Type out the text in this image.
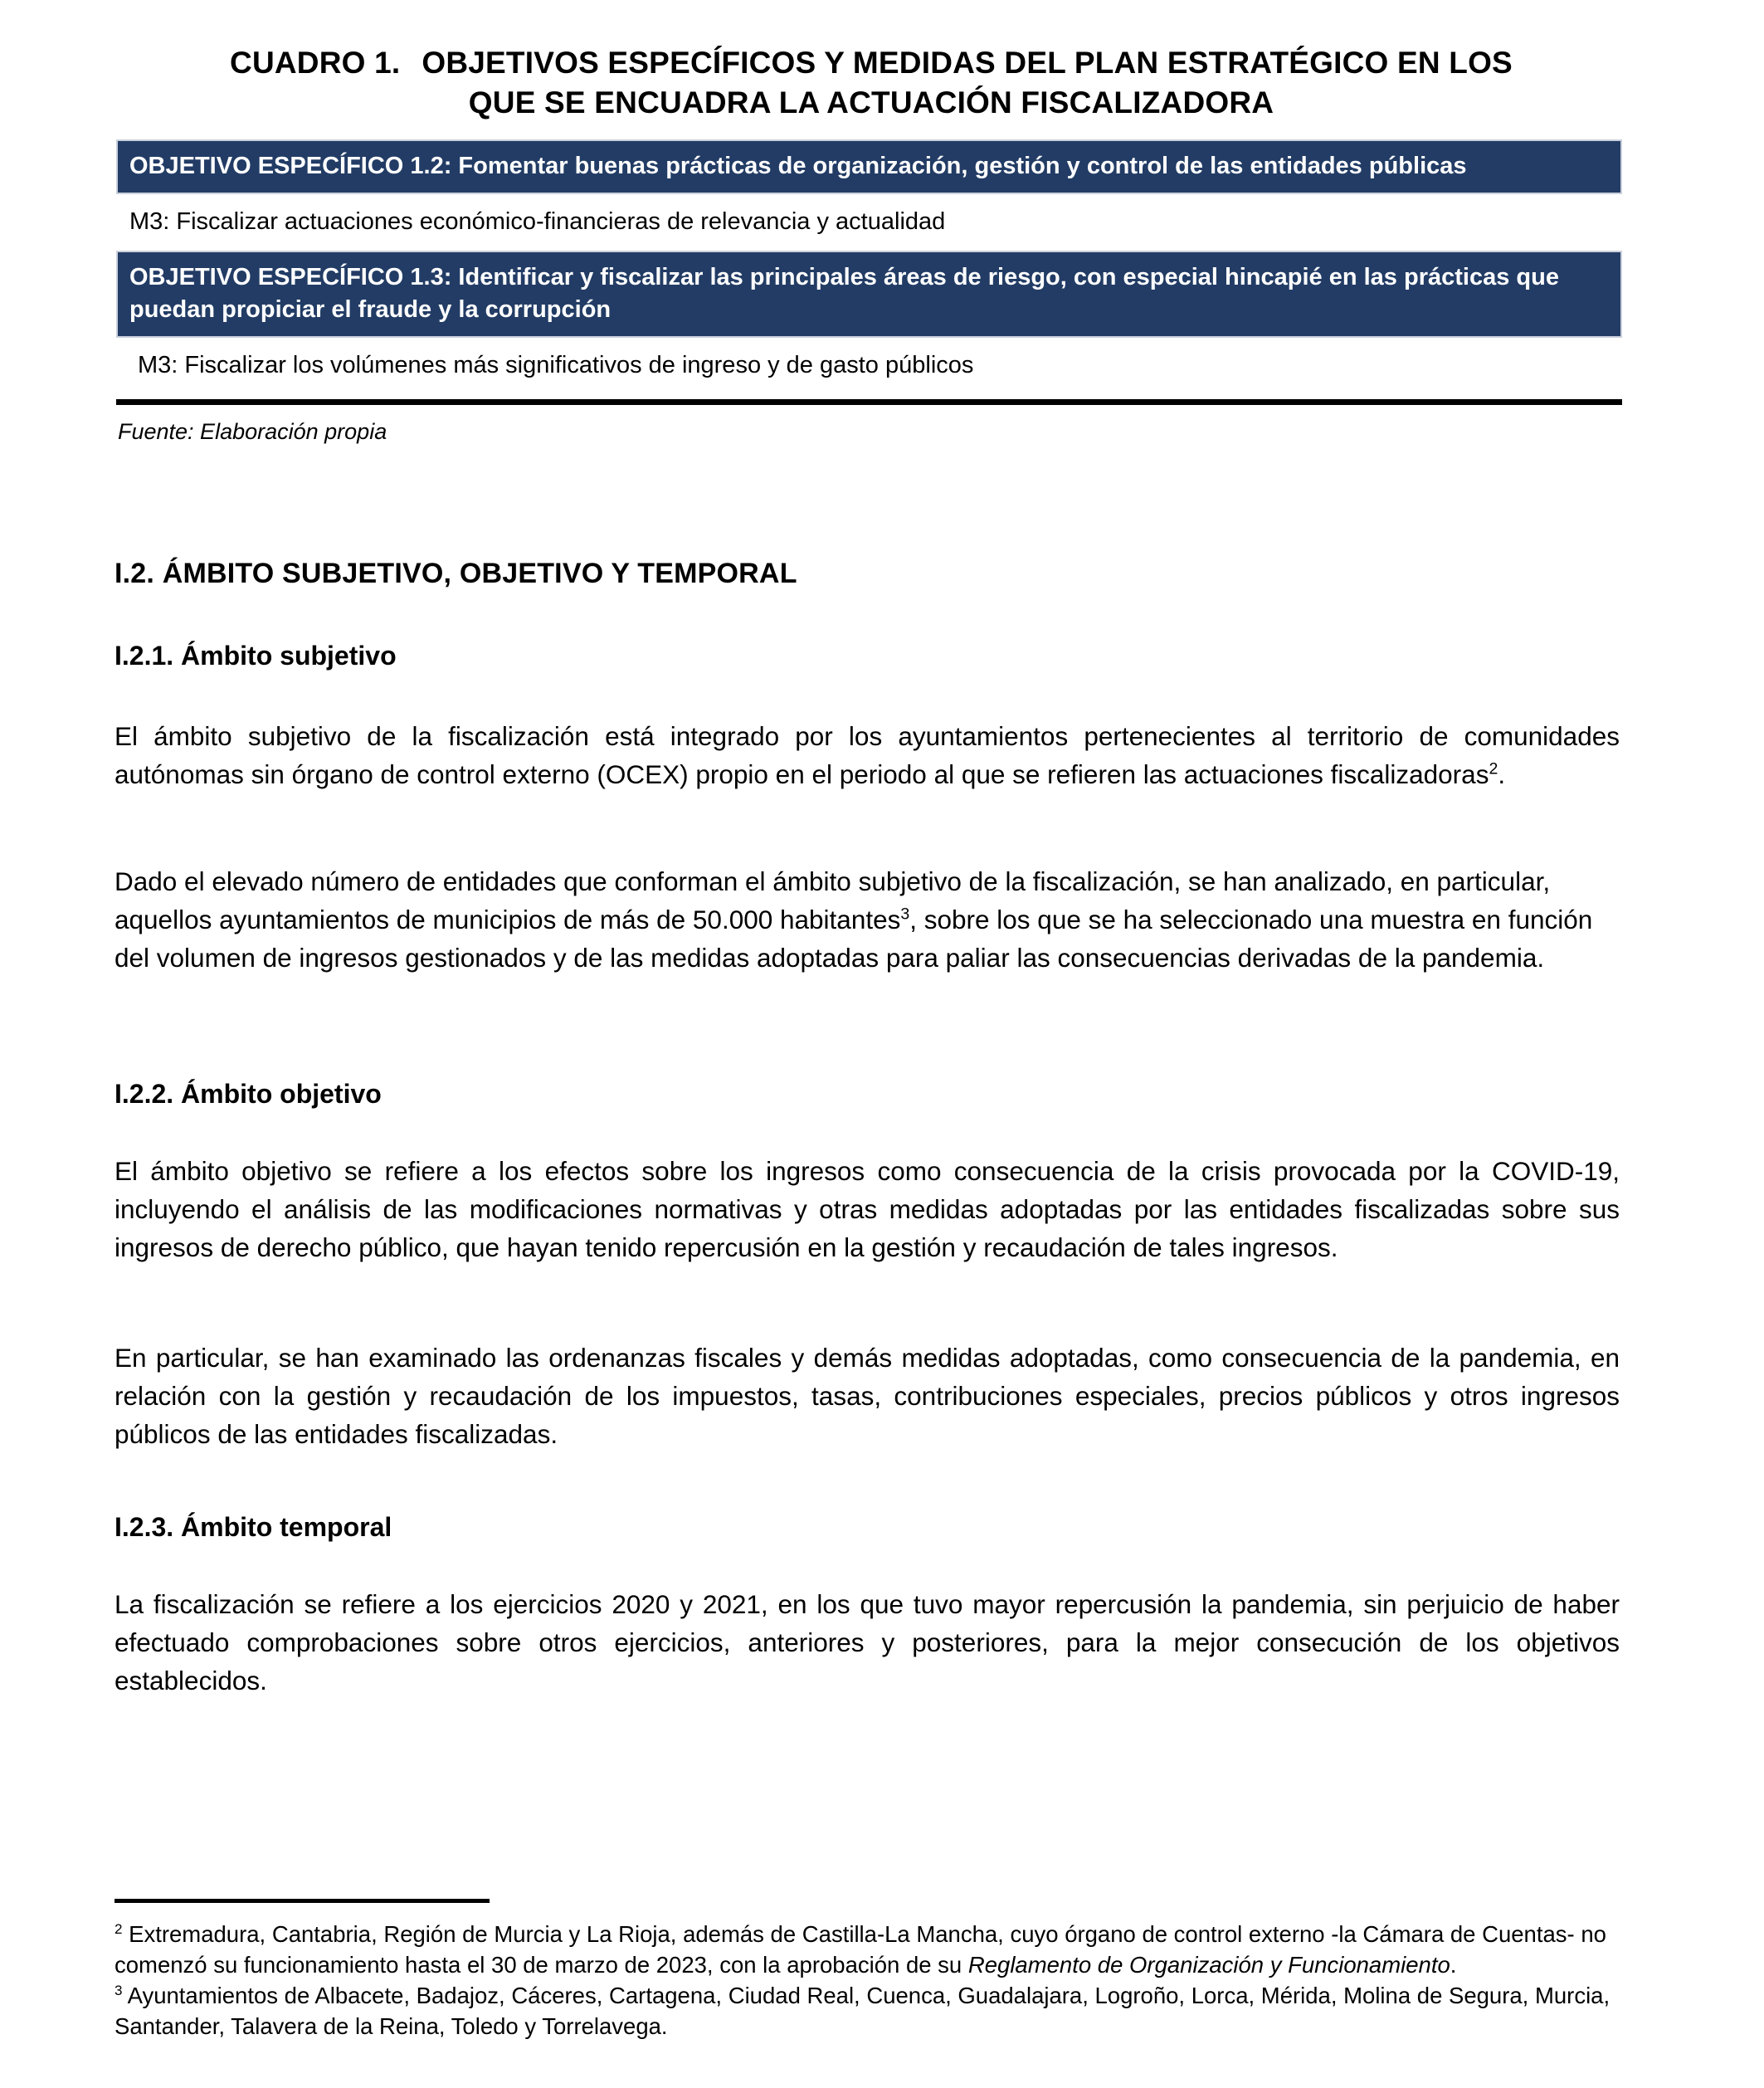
CUADRO 1. OBJETIVOS ESPECÍFICOS Y MEDIDAS DEL PLAN ESTRATÉGICO EN LOS
QUE SE ENCUADRA LA ACTUACIÓN FISCALIZADORA
OBJETIVO ESPECÍFICO 1.2: Fomentar buenas prácticas de organización, gestión y control de las entidades públicas
M3: Fiscalizar actuaciones económico-financieras de relevancia y actualidad
OBJETIVO ESPECÍFICO 1.3: Identificar y fiscalizar las principales áreas de riesgo, con especial hincapié en las prácticas que puedan propiciar el fraude y la corrupción
M3: Fiscalizar los volúmenes más significativos de ingreso y de gasto públicos
Fuente: Elaboración propia
I.2. ÁMBITO SUBJETIVO, OBJETIVO Y TEMPORAL
I.2.1. Ámbito subjetivo
El ámbito subjetivo de la fiscalización está integrado por los ayuntamientos pertenecientes al territorio de comunidades autónomas sin órgano de control externo (OCEX) propio en el periodo al que se refieren las actuaciones fiscalizadoras$^2$.
Dado el elevado número de entidades que conforman el ámbito subjetivo de la fiscalización, se han analizado, en particular, aquellos ayuntamientos de municipios de más de 50.000 habitantes$^3$, sobre los que se ha seleccionado una muestra en función del volumen de ingresos gestionados y de las medidas adoptadas para paliar las consecuencias derivadas de la pandemia.
I.2.2. Ámbito objetivo
El ámbito objetivo se refiere a los efectos sobre los ingresos como consecuencia de la crisis provocada por la COVID-19, incluyendo el análisis de las modificaciones normativas y otras medidas adoptadas por las entidades fiscalizadas sobre sus ingresos de derecho público, que hayan tenido repercusión en la gestión y recaudación de tales ingresos.
En particular, se han examinado las ordenanzas fiscales y demás medidas adoptadas, como consecuencia de la pandemia, en relación con la gestión y recaudación de los impuestos, tasas, contribuciones especiales, precios públicos y otros ingresos públicos de las entidades fiscalizadas.
I.2.3. Ámbito temporal
La fiscalización se refiere a los ejercicios 2020 y 2021, en los que tuvo mayor repercusión la pandemia, sin perjuicio de haber efectuado comprobaciones sobre otros ejercicios, anteriores y posteriores, para la mejor consecución de los objetivos establecidos.

$^2$ Extremadura, Cantabria, Región de Murcia y La Rioja, además de Castilla-La Mancha, cuyo órgano de control externo -la Cámara de Cuentas- no comenzó su funcionamiento hasta el 30 de marzo de 2023, con la aprobación de su Reglamento de Organización y Funcionamiento.

$^3$ Ayuntamientos de Albacete, Badajoz, Cáceres, Cartagena, Ciudad Real, Cuenca, Guadalajara, Logroño, Lorca, Mérida, Molina de Segura, Murcia, Santander, Talavera de la Reina, Toledo y Torrelavega.
